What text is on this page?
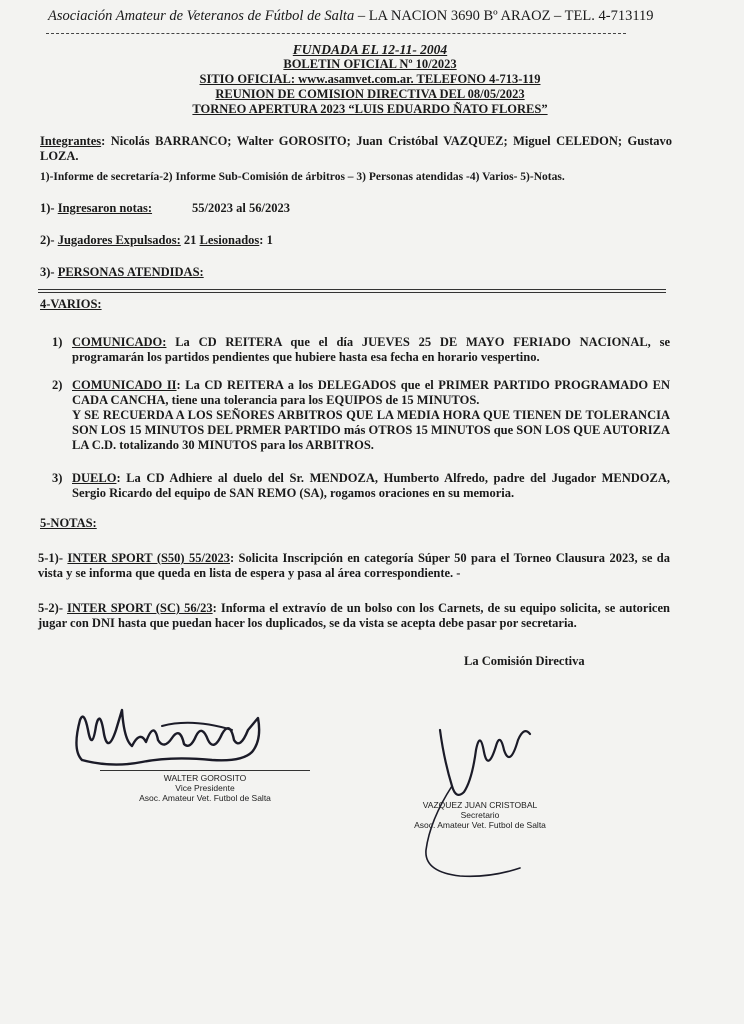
Asociación Amateur de Veteranos de Fútbol de Salta – LA NACION 3690 Bº ARAOZ – TEL. 4-713119
FUNDADA EL 12-11- 2004
BOLETIN OFICIAL Nº 10/2023
SITIO OFICIAL: www.asamvet.com.ar. TELEFONO 4-713-119
REUNION DE COMISION DIRECTIVA DEL 08/05/2023
TORNEO APERTURA 2023 “LUIS EDUARDO ÑATO FLORES”
Integrantes: Nicolás BARRANCO; Walter GOROSITO; Juan Cristóbal VAZQUEZ; Miguel CELEDON; Gustavo LOZA.
1)-Informe de secretaría-2) Informe Sub-Comisión de árbitros – 3) Personas atendidas -4) Varios- 5)-Notas.
1)- Ingresaron notas:	55/2023 al 56/2023
2)- Jugadores Expulsados: 21 Lesionados: 1
3)- PERSONAS ATENDIDAS:
4-VARIOS:
1) COMUNICADO: La CD REITERA que el día JUEVES 25 DE MAYO FERIADO NACIONAL, se programarán los partidos pendientes que hubiere hasta esa fecha en horario vespertino.
2) COMUNICADO II: La CD REITERA a los DELEGADOS que el PRIMER PARTIDO PROGRAMADO EN CADA CANCHA, tiene una tolerancia para los EQUIPOS de 15 MINUTOS.
Y SE RECUERDA A LOS SEÑORES ARBITROS QUE LA MEDIA HORA QUE TIENEN DE TOLERANCIA SON LOS 15 MINUTOS DEL PRMER PARTIDO más OTROS 15 MINUTOS que SON LOS QUE AUTORIZA LA C.D. totalizando 30 MINUTOS para los ARBITROS.
3) DUELO: La CD Adhiere al duelo del Sr. MENDOZA, Humberto Alfredo, padre del Jugador MENDOZA, Sergio Ricardo del equipo de SAN REMO (SA), rogamos oraciones en su memoria.
5-NOTAS:
5-1)- INTER SPORT (S50) 55/2023: Solicita Inscripción en categoría Súper 50 para el Torneo Clausura 2023, se da vista y se informa que queda en lista de espera y pasa al área correspondiente. -
5-2)- INTER SPORT (SC) 56/23: Informa el extravío de un bolso con los Carnets, de su equipo solicita, se autoricen jugar con DNI hasta que puedan hacer los duplicados, se da vista se acepta debe pasar por secretaria.
La Comisión Directiva
WALTER GOROSITO
Vice Presidente
Asoc. Amateur Vet. Futbol de Salta
VAZQUEZ JUAN CRISTOBAL
Secretario
Asoc. Amateur Vet. Futbol de Salta
